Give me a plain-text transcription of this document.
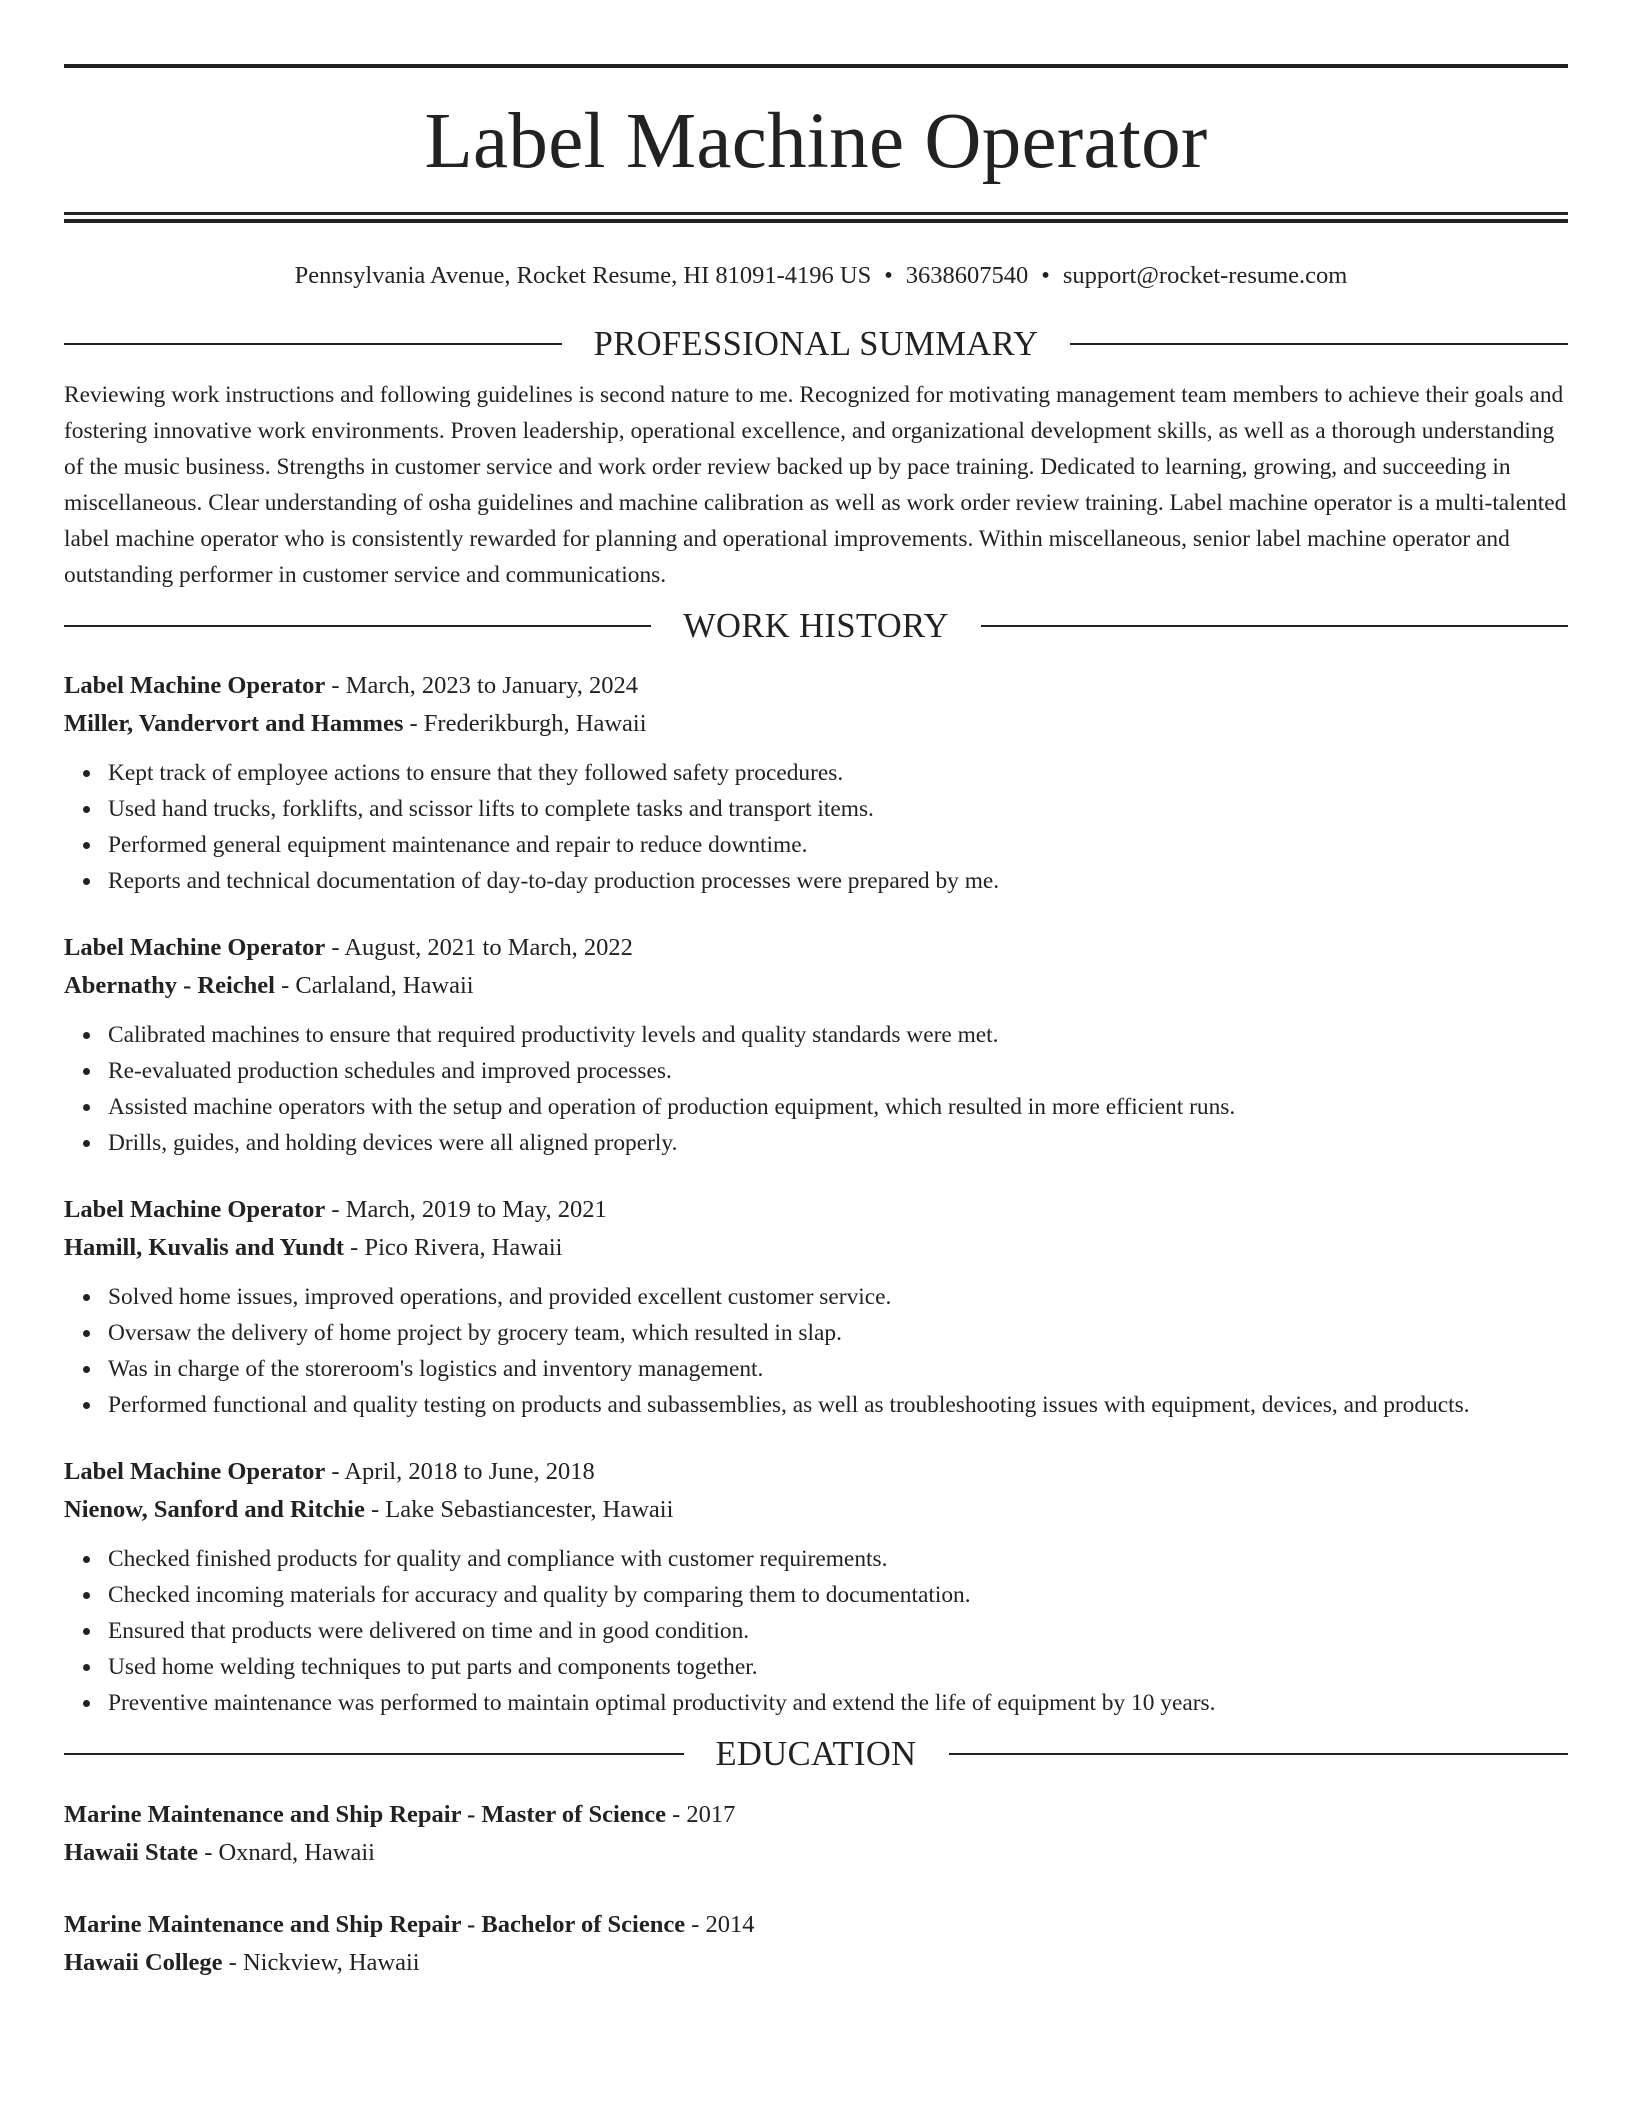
Label Machine Operator
Pennsylvania Avenue, Rocket Resume, HI 81091-4196 US • 3638607540 • support@rocket-resume.com
PROFESSIONAL SUMMARY

Reviewing work instructions and following guidelines is second nature to me. Recognized for motivating management team members to achieve their goals and fostering innovative work environments. Proven leadership, operational excellence, and organizational development skills, as well as a thorough understanding of the music business. Strengths in customer service and work order review backed up by pace training. Dedicated to learning, growing, and succeeding in miscellaneous. Clear understanding of osha guidelines and machine calibration as well as work order review training. Label machine operator is a multi-talented label machine operator who is consistently rewarded for planning and operational improvements. Within miscellaneous, senior label machine operator and outstanding performer in customer service and communications.

WORK HISTORY
Label Machine Operator - March, 2023 to January, 2024
Miller, Vandervort and Hammes - Frederikburgh, Hawaii
Kept track of employee actions to ensure that they followed safety procedures.
Used hand trucks, forklifts, and scissor lifts to complete tasks and transport items.
Performed general equipment maintenance and repair to reduce downtime.
Reports and technical documentation of day-to-day production processes were prepared by me.
Label Machine Operator - August, 2021 to March, 2022
Abernathy - Reichel - Carlaland, Hawaii
Calibrated machines to ensure that required productivity levels and quality standards were met.
Re-evaluated production schedules and improved processes.
Assisted machine operators with the setup and operation of production equipment, which resulted in more efficient runs.
Drills, guides, and holding devices were all aligned properly.
Label Machine Operator - March, 2019 to May, 2021
Hamill, Kuvalis and Yundt - Pico Rivera, Hawaii
Solved home issues, improved operations, and provided excellent customer service.
Oversaw the delivery of home project by grocery team, which resulted in slap.
Was in charge of the storeroom's logistics and inventory management.
Performed functional and quality testing on products and subassemblies, as well as troubleshooting issues with equipment, devices, and products.
Label Machine Operator - April, 2018 to June, 2018
Nienow, Sanford and Ritchie - Lake Sebastiancester, Hawaii
Checked finished products for quality and compliance with customer requirements.
Checked incoming materials for accuracy and quality by comparing them to documentation.
Ensured that products were delivered on time and in good condition.
Used home welding techniques to put parts and components together.
Preventive maintenance was performed to maintain optimal productivity and extend the life of equipment by 10 years.
EDUCATION
Marine Maintenance and Ship Repair - Master of Science - 2017
Hawaii State - Oxnard, Hawaii
Marine Maintenance and Ship Repair - Bachelor of Science - 2014
Hawaii College - Nickview, Hawaii
